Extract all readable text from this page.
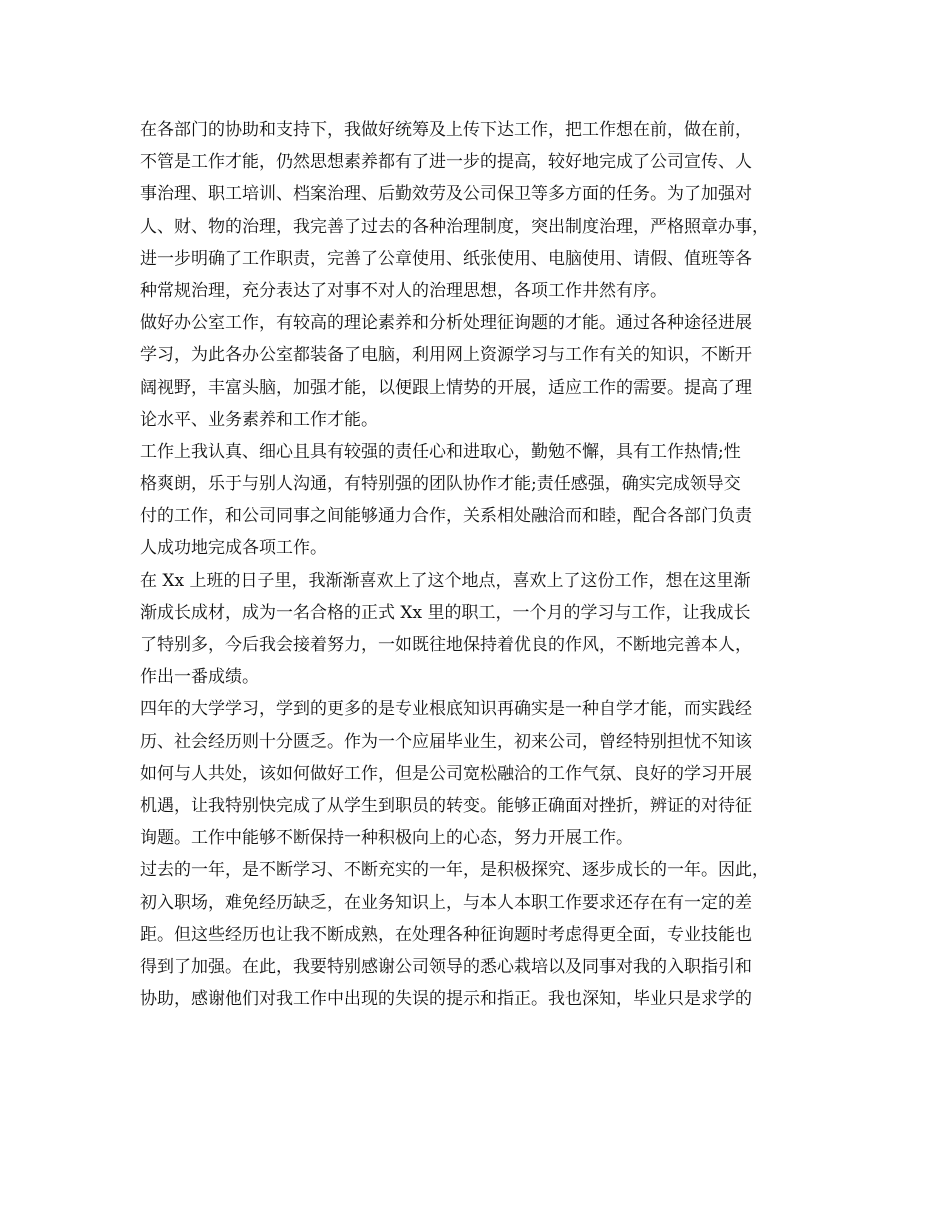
在各部门的协助和支持下，我做好统筹及上传下达工作，把工作想在前，做在前，
不管是工作才能，仍然思想素养都有了进一步的提高，较好地完成了公司宣传、人
事治理、职工培训、档案治理、后勤效劳及公司保卫等多方面的任务。为了加强对
人、财、物的治理，我完善了过去的各种治理制度，突出制度治理，严格照章办事，
进一步明确了工作职责，完善了公章使用、纸张使用、电脑使用、请假、值班等各
种常规治理，充分表达了对事不对人的治理思想，各项工作井然有序。
做好办公室工作，有较高的理论素养和分析处理征询题的才能。通过各种途径进展
学习，为此各办公室都装备了电脑，利用网上资源学习与工作有关的知识，不断开
阔视野，丰富头脑，加强才能，以便跟上情势的开展，适应工作的需要。提高了理
论水平、业务素养和工作才能。
工作上我认真、细心且具有较强的责任心和进取心，勤勉不懈，具有工作热情;性
格爽朗，乐于与别人沟通，有特别强的团队协作才能;责任感强，确实完成领导交
付的工作，和公司同事之间能够通力合作，关系相处融洽而和睦，配合各部门负责
人成功地完成各项工作。
在 Xx 上班的日子里，我渐渐喜欢上了这个地点，喜欢上了这份工作，想在这里渐
渐成长成材，成为一名合格的正式 Xx 里的职工，一个月的学习与工作，让我成长
了特别多，今后我会接着努力，一如既往地保持着优良的作风，不断地完善本人，
作出一番成绩。
四年的大学学习，学到的更多的是专业根底知识再确实是一种自学才能，而实践经
历、社会经历则十分匮乏。作为一个应届毕业生，初来公司，曾经特别担忧不知该
如何与人共处，该如何做好工作，但是公司宽松融洽的工作气氛、良好的学习开展
机遇，让我特别快完成了从学生到职员的转变。能够正确面对挫折，辨证的对待征
询题。工作中能够不断保持一种积极向上的心态，努力开展工作。
过去的一年，是不断学习、不断充实的一年，是积极探究、逐步成长的一年。因此，
初入职场，难免经历缺乏，在业务知识上，与本人本职工作要求还存在有一定的差
距。但这些经历也让我不断成熟，在处理各种征询题时考虑得更全面，专业技能也
得到了加强。在此，我要特别感谢公司领导的悉心栽培以及同事对我的入职指引和
协助，感谢他们对我工作中出现的失误的提示和指正。我也深知，毕业只是求学的
